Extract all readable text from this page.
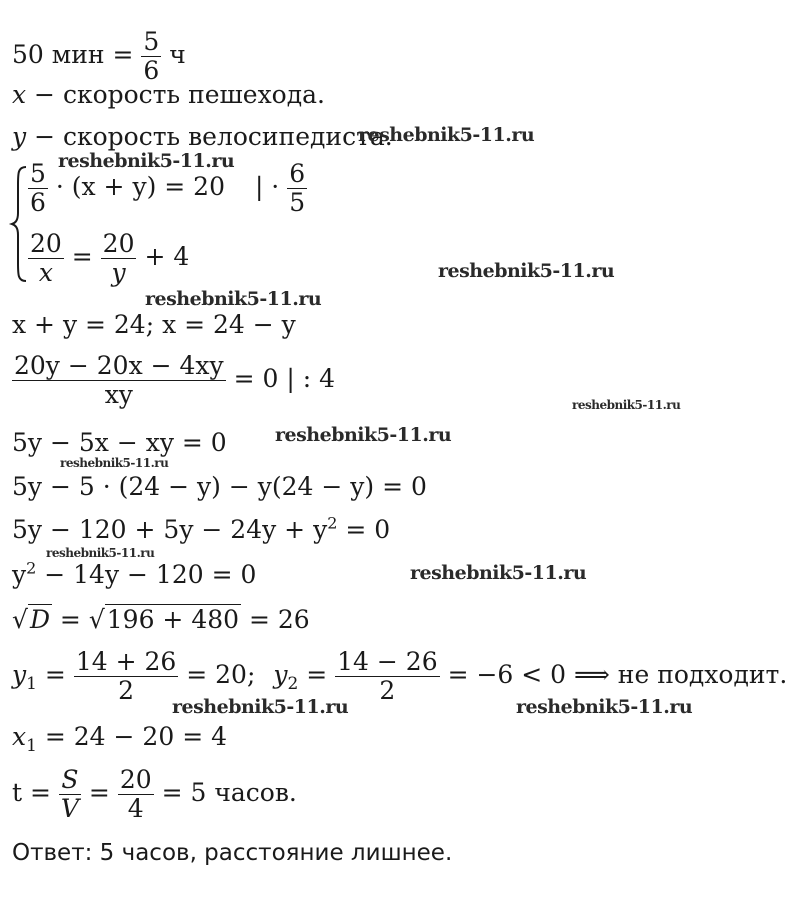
50 мин = $\frac{5}{6}$ ч
x − скорость пешехода.
y − скорость велосипедиста.
$\frac{5}{6} \cdot (x + y) = 20$ | · $\frac{6}{5}$
$\frac{20}{x} = \frac{20}{y} + 4$
x + y = 24; x = 24 − y
$\frac{20y - 20x - 4xy}{xy} = 0$ | : 4
5y − 5x − xy = 0
5y − 5 · (24 − y) − y(24 − y) = 0
$5y - 120 + 5y - 24y + y^2 = 0$
$y^2 - 14y - 120 = 0$
√D = √196 + 480 = 26
$y_1 = \frac{14 + 26}{2} = 20$; $y_2 = \frac{14 - 26}{2} = -6 < 0$ ⟹ не подходит.
$x_1 = 24 - 20 = 4$
$t = \frac{S}{V} = \frac{20}{4} = 5$ часов.
Ответ: 5 часов, расстояние лишнее.
reshebnik5-11.ru
reshebnik5-11.ru
reshebnik5-11.ru
reshebnik5-11.ru
reshebnik5-11.ru
reshebnik5-11.ru
reshebnik5-11.ru
reshebnik5-11.ru
reshebnik5-11.ru
reshebnik5-11.ru	reshebnik5-11.ru
